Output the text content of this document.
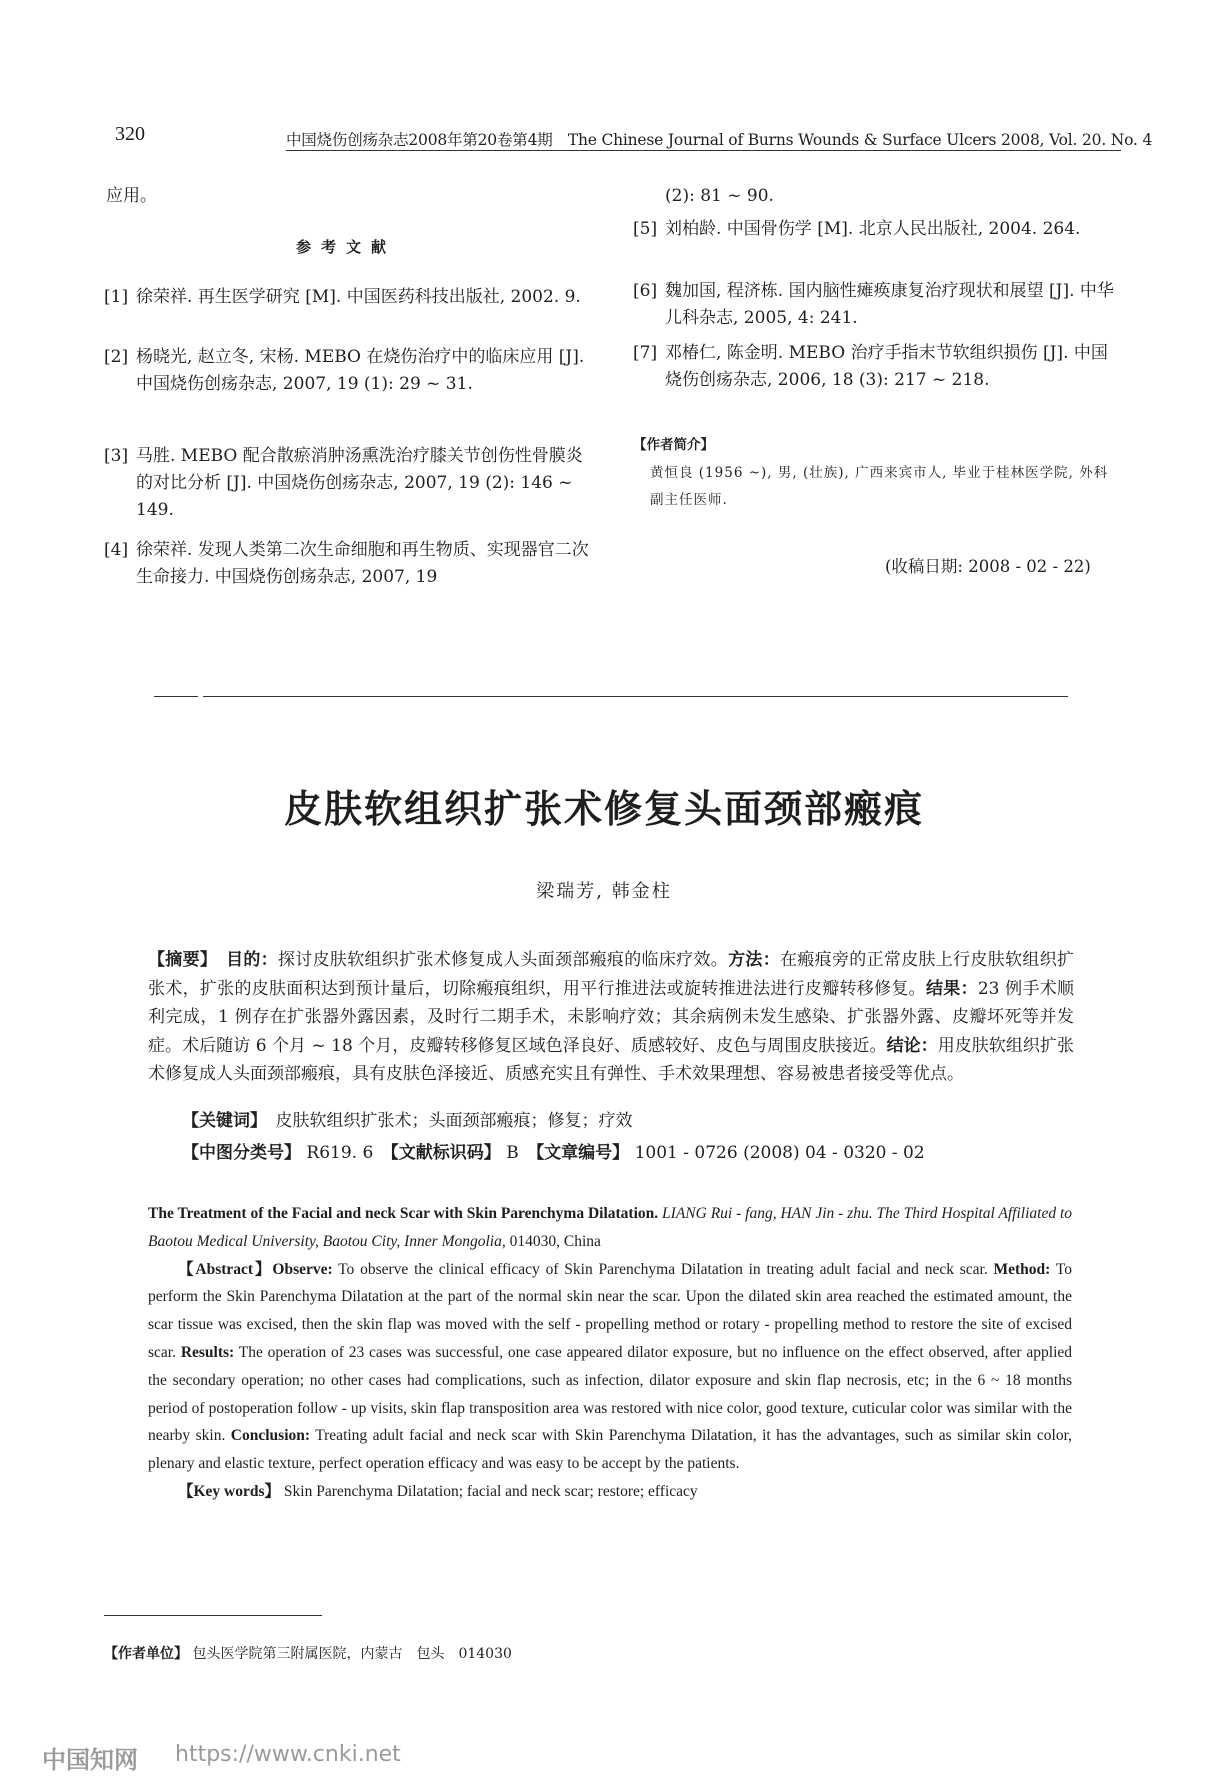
320	中国烧伤创疡杂志2008年第20卷第4期　The Chinese Journal of Burns Wounds & Surface Ulcers 2008, Vol. 20. No. 4
应用。
参考文献
[1] 徐荣祥. 再生医学研究 [M]. 中国医药科技出版社, 2002. 9.
[2] 杨晓光, 赵立冬, 宋杨. MEBO 在烧伤治疗中的临床应用 [J]. 中国烧伤创疡杂志, 2007, 19 (1): 29 ~ 31.
[3] 马胜. MEBO 配合散瘀消肿汤熏洗治疗膝关节创伤性骨膜炎的对比分析 [J]. 中国烧伤创疡杂志, 2007, 19 (2): 146 ~ 149.
[4] 徐荣祥. 发现人类第二次生命细胞和再生物质、实现器官二次生命接力. 中国烧伤创疡杂志, 2007, 19
(2): 81 ~ 90.
[5] 刘柏龄. 中国骨伤学 [M]. 北京人民出版社, 2004. 264.
[6] 魏加国, 程济栋. 国内脑性瘫痪康复治疗现状和展望 [J]. 中华儿科杂志, 2005, 4: 241.
[7] 邓椿仁, 陈金明. MEBO 治疗手指末节软组织损伤 [J]. 中国烧伤创疡杂志, 2006, 18 (3): 217 ~ 218.
【作者简介】
黄恒良 (1956 ~), 男, (壮族), 广西来宾市人, 毕业于桂林医学院, 外科副主任医师.
(收稿日期: 2008 - 02 - 22)
皮肤软组织扩张术修复头面颈部瘢痕
梁瑞芳, 韩金柱
【摘要】　 目的：探讨皮肤软组织扩张术修复成人头面颈部瘢痕的临床疗效。方法：在瘢痕旁的正常皮肤上行皮肤软组织扩张术，扩张的皮肤面积达到预计量后，切除瘢痕组织，用平行推进法或旋转推进法进行皮瓣转移修复。结果：23 例手术顺利完成，1 例存在扩张器外露因素，及时行二期手术，未影响疗效；其余病例未发生感染、扩张器外露、皮瓣坏死等并发症。术后随访 6 个月 ~ 18 个月，皮瓣转移修复区域色泽良好、质感较好、皮色与周围皮肤接近。结论：用皮肤软组织扩张术修复成人头面颈部瘢痕，具有皮肤色泽接近、质感充实且有弹性、手术效果理想、容易被患者接受等优点。
【关键词】　 皮肤软组织扩张术；头面颈部瘢痕；修复；疗效
【中图分类号】 R619. 6　 【文献标识码】 B　 【文章编号】 1001 - 0726 (2008) 04 - 0320 - 02
The Treatment of the Facial and neck Scar with Skin Parenchyma Dilatation. LIANG Rui - fang, HAN Jin - zhu. The Third Hospital Affiliated to Baotou Medical University, Baotou City, Inner Mongolia, 014030, China
【Abstract】Observe: To observe the clinical efficacy of Skin Parenchyma Dilatation in treating adult facial and neck scar. Method: To perform the Skin Parenchyma Dilatation at the part of the normal skin near the scar. Upon the dilated skin area reached the estimated amount, the scar tissue was excised, then the skin flap was moved with the self - propelling method or rotary - propelling method to restore the site of excised scar. Results: The operation of 23 cases was successful, one case appeared dilator exposure, but no influence on the effect observed, after applied the secondary operation; no other cases had complications, such as infection, dilator exposure and skin flap necrosis, etc; in the 6 ~ 18 months period of postoperation follow - up visits, skin flap transposition area was restored with nice color, good texture, cuticular color was similar with the nearby skin. Conclusion: Treating adult facial and neck scar with Skin Parenchyma Dilatation, it has the advantages, such as similar skin color, plenary and elastic texture, perfect operation efficacy and was easy to be accept by the patients.
【Key words】 Skin Parenchyma Dilatation; facial and neck scar; restore; efficacy
【作者单位】 包头医学院第三附属医院，内蒙古　包头　014030
中国知网 https://www.cnki.net
